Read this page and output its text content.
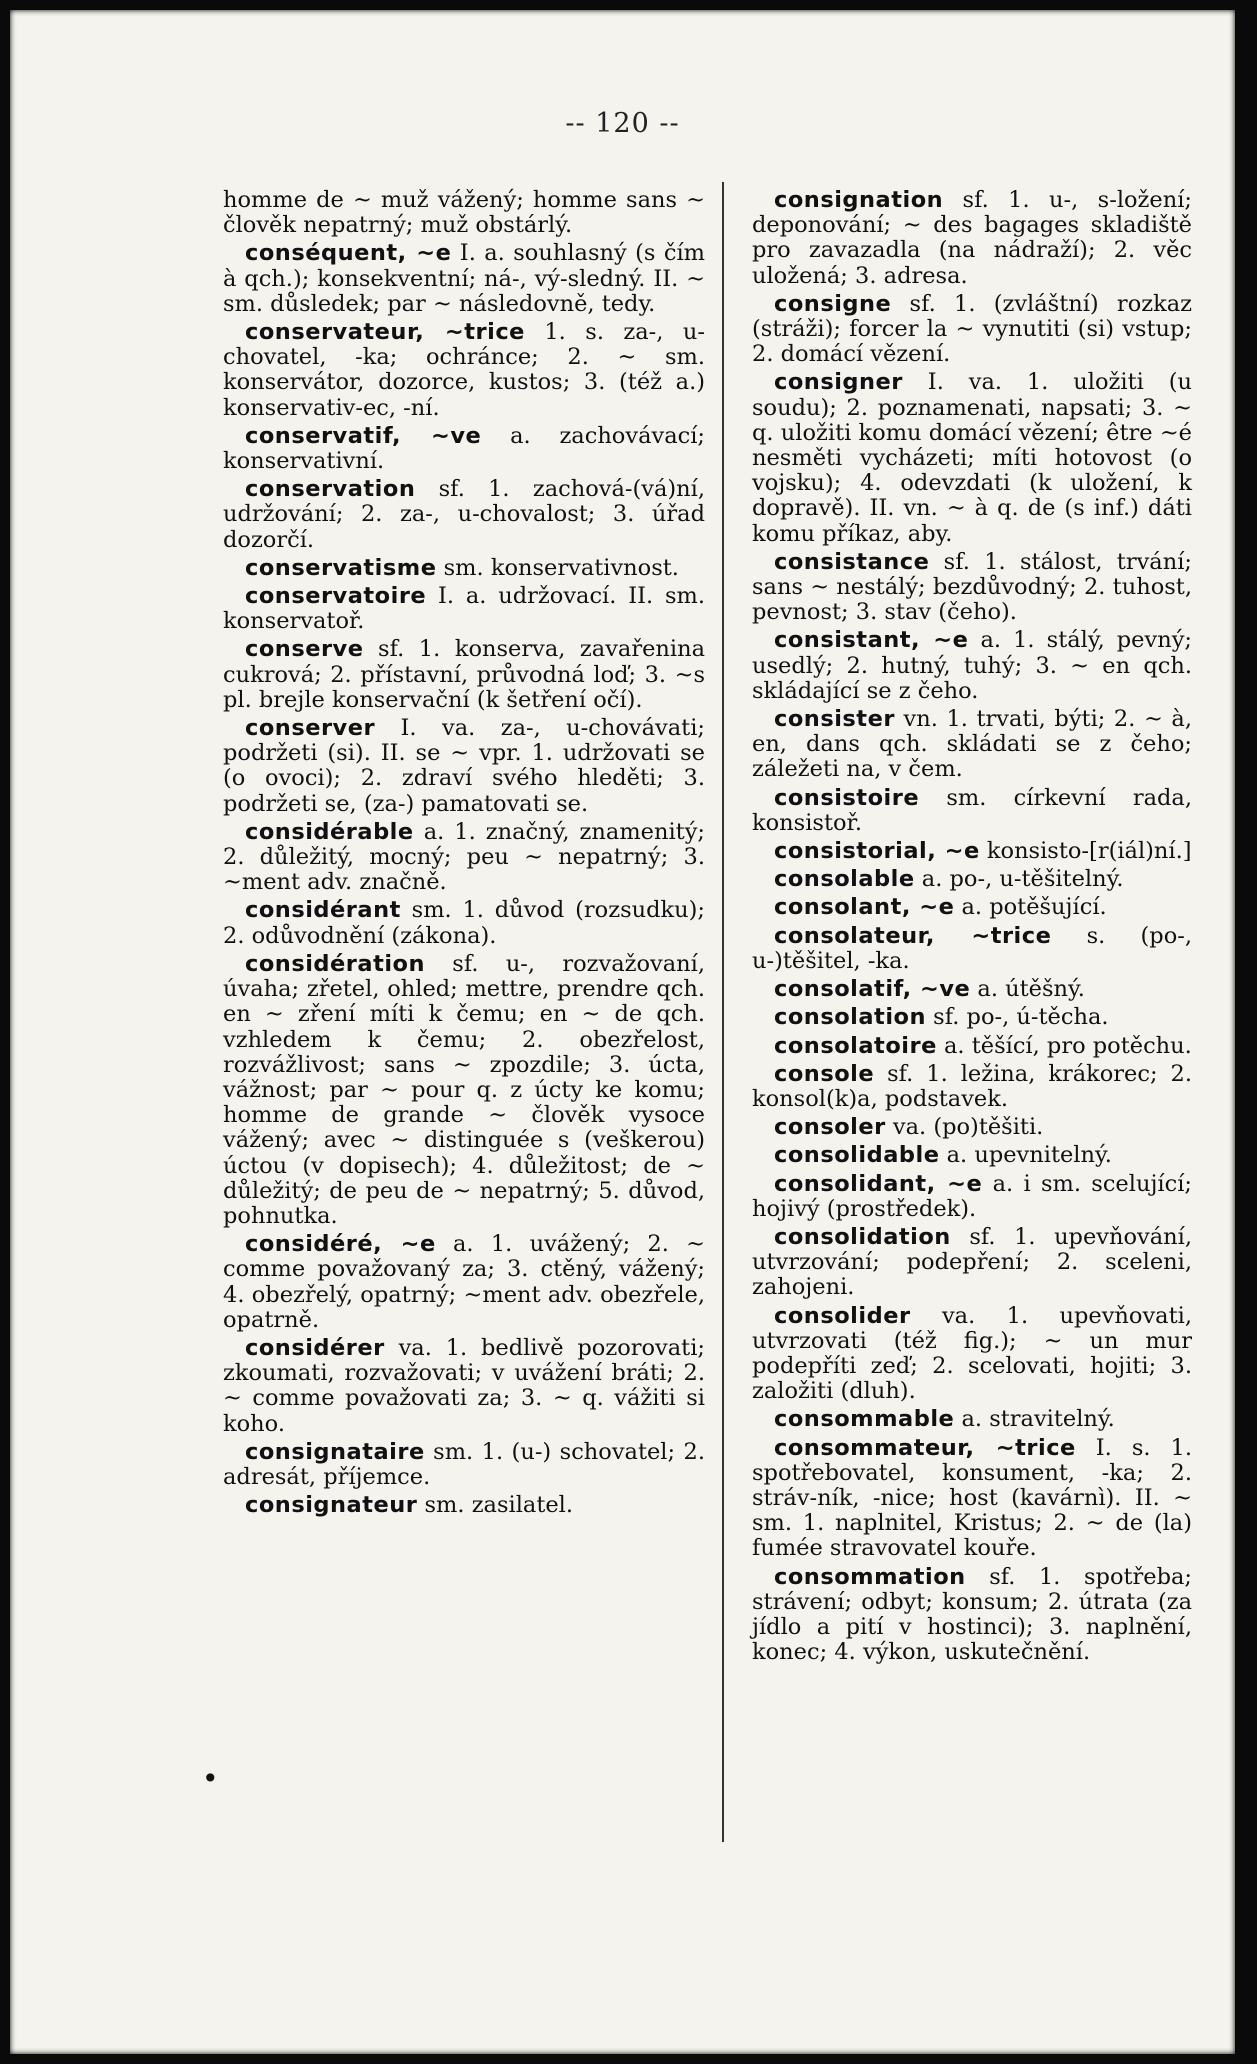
-- 120 --
homme de ~ muž vážený; homme sans ~ člověk nepatrný; muž obstárlý.
conséquent, ~e I. a. souhlasný (s čím à qch.); konsekventní; ná-, vý-sledný. II. ~ sm. důsledek; par ~ následovně, tedy.
conservateur, ~trice 1. s. za-, u-chovatel, -ka; ochránce; 2. ~ sm. konservátor, dozorce, kustos; 3. (též a.) konservativ-ec, -ní.
conservatif, ~ve a. zachovávací; konservativní.
conservation sf. 1. zachová-(vá)ní, udržování; 2. za-, u-chovalost; 3. úřad dozorčí.
conservatisme sm. konservativnost.
conservatoire I. a. udržovací. II. sm. konservatoř.
conserve sf. 1. konserva, zavařenina cukrová; 2. přístavní, průvodná loď; 3. ~s pl. brejle konservační (k šetření očí).
conserver I. va. za-, u-chovávati; podržeti (si). II. se ~ vpr. 1. udržovati se (o ovoci); 2. zdraví svého hleděti; 3. podržeti se, (za-) pamatovati se.
considérable a. 1. značný, znamenitý; 2. důležitý, mocný; peu ~ nepatrný; 3. ~ment adv. značně.
considérant sm. 1. důvod (rozsudku); 2. odůvodnění (zákona).
considération sf. u-, rozvažovaní, úvaha; zřetel, ohled; mettre, prendre qch. en ~ zření míti k čemu; en ~ de qch. vzhledem k čemu; 2. obezřelost, rozvážlivost; sans ~ zpozdile; 3. úcta, vážnost; par ~ pour q. z úcty ke komu; homme de grande ~ člověk vysoce vážený; avec ~ distinguée s (veškerou) úctou (v dopisech); 4. důležitost; de ~ důležitý; de peu de ~ nepatrný; 5. důvod, pohnutka.
considéré, ~e a. 1. uvážený; 2. ~ comme považovaný za; 3. ctěný, vážený; 4. obezřelý, opatrný; ~ment adv. obezřele, opatrně.
considérer va. 1. bedlivě pozorovati; zkoumati, rozvažovati; v uvážení bráti; 2. ~ comme považovati za; 3. ~ q. vážiti si koho.
consignataire sm. 1. (u-) schovatel; 2. adresát, příjemce.
consignateur sm. zasilatel.
consignation sf. 1. u-, s-ložení; deponování; ~ des bagages skladiště pro zavazadla (na nádraží); 2. věc uložená; 3. adresa.
consigne sf. 1. (zvláštní) rozkaz (stráži); forcer la ~ vynutiti (si) vstup; 2. domácí vězení.
consigner I. va. 1. uložiti (u soudu); 2. poznamenati, napsati; 3. ~ q. uložiti komu domácí vězení; être ~é nesměti vycházeti; míti hotovost (o vojsku); 4. odevzdati (k uložení, k dopravě). II. vn. ~ à q. de (s inf.) dáti komu příkaz, aby.
consistance sf. 1. stálost, trvání; sans ~ nestálý; bezdůvodný; 2. tuhost, pevnost; 3. stav (čeho).
consistant, ~e a. 1. stálý, pevný; usedlý; 2. hutný, tuhý; 3. ~ en qch. skládající se z čeho.
consister vn. 1. trvati, býti; 2. ~ à, en, dans qch. skládati se z čeho; záležeti na, v čem.
consistoire sm. církevní rada, konsistoř.
consistorial, ~e konsisto-[r(iál)ní.]
consolable a. po-, u-těšitelný.
consolant, ~e a. potěšující.
consolateur, ~trice s. (po-, u-)těšitel, -ka.
consolatif, ~ve a. útěšný.
consolation sf. po-, ú-těcha.
consolatoire a. těšící, pro potěchu.
console sf. 1. ležina, krákorec; 2. konsol(k)a, podstavek.
consoler va. (po)těšiti.
consolidable a. upevnitelný.
consolidant, ~e a. i sm. scelující; hojivý (prostředek).
consolidation sf. 1. upevňování, utvrzování; podepření; 2. sceleni, zahojeni.
consolider va. 1. upevňovati, utvrzovati (též fig.); ~ un mur podepříti zeď; 2. scelovati, hojiti; 3. založiti (dluh).
consommable a. stravitelný.
consommateur, ~trice I. s. 1. spotřebovatel, konsument, -ka; 2. stráv-ník, -nice; host (kavárnì). II. ~ sm. 1. naplnitel, Kristus; 2. ~ de (la) fumée stravovatel kouře.
consommation sf. 1. spotřeba; strávení; odbyt; konsum; 2. útrata (za jídlo a pití v hostinci); 3. naplnění, konec; 4. výkon, uskutečnění.
•
